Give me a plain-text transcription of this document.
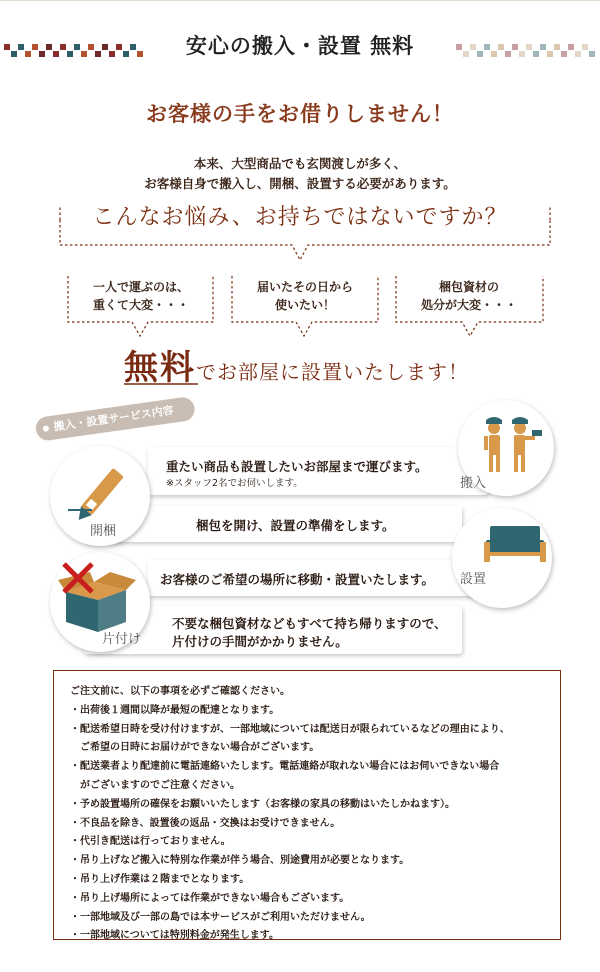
安心の搬入・設置 無料
お客様の手をお借りしません！
本来、大型商品でも玄関渡しが多く、
お客様自身で搬入し、開梱、設置する必要があります。
こんなお悩み、お持ちではないですか？
一人で運ぶのは、
重くて大変・・・
届いたその日から
使いたい！
梱包資材の
処分が大変・・・
無料でお部屋に設置いたします！
搬入・設置サービス内容
重たい商品も設置したいお部屋まで運びます。
※スタッフ2名でお伺いします。	搬入
梱包を開け、設置の準備をします。
開梱
お客様のご希望の場所に移動・設置いたします。 設置
不要な梱包資材などもすべて持ち帰りますので、
片付けの手間がかかりません。
片付け
ご注文前に、以下の事項を必ずご確認ください。
・出荷後１週間以降が最短の配達となります。
・配送希望日時を受け付けますが、一部地域については配送日が限られているなどの理由により、
　ご希望の日時にお届けができない場合がございます。
・配送業者より配達前に電話連絡いたします。電話連絡が取れない場合にはお伺いできない場合
　がございますのでご注意ください。
・予め設置場所の確保をお願いいたします（お客様の家具の移動はいたしかねます）。
・不良品を除き、設置後の返品・交換はお受けできません。
・代引き配送は行っておりません。
・吊り上げなど搬入に特別な作業が伴う場合、別途費用が必要となります。
・吊り上げ作業は２階までとなります。
・吊り上げ場所によっては作業ができない場合もございます。
・一部地域及び一部の島では本サービスがご利用いただけません。
・一部地域については特別料金が発生します。
